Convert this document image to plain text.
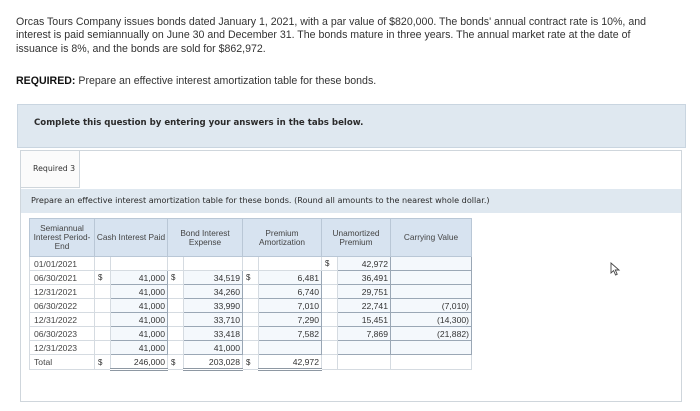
Orcas Tours Company issues bonds dated January 1, 2021, with a par value of $820,000. The bonds' annual contract rate is 10%, and

interest is paid semiannually on June 30 and December 31. The bonds mature in three years. The annual market rate at the date of

issuance is 8%, and the bonds are sold for $862,972.

REQUIRED: Prepare an effective interest amortization table for these bonds.
Complete this question by entering your answers in the tabs below.
Required 3
Prepare an effective interest amortization table for these bonds. (Round all amounts to the nearest whole dollar.)
Semiannual Interest Period-End	Cash Interest Paid		Bond Interest Expense		Premium Amortization		Unamortized Premium		Carrying Value
01/01/2021							$	42,972	
06/30/2021	$	41,000	$	34,519	$	6,481		36,491	
12/31/2021		41,000		34,260		6,740		29,751	
06/30/2022		41,000		33,990		7,010		22,741	(7,010)
12/31/2022		41,000		33,710		7,290		15,451	(14,300)
06/30/2023		41,000		33,418		7,582		7,869	(21,882)
12/31/2023		41,000		41,000					
Total	$	246,000	$	203,028	$	42,972			
